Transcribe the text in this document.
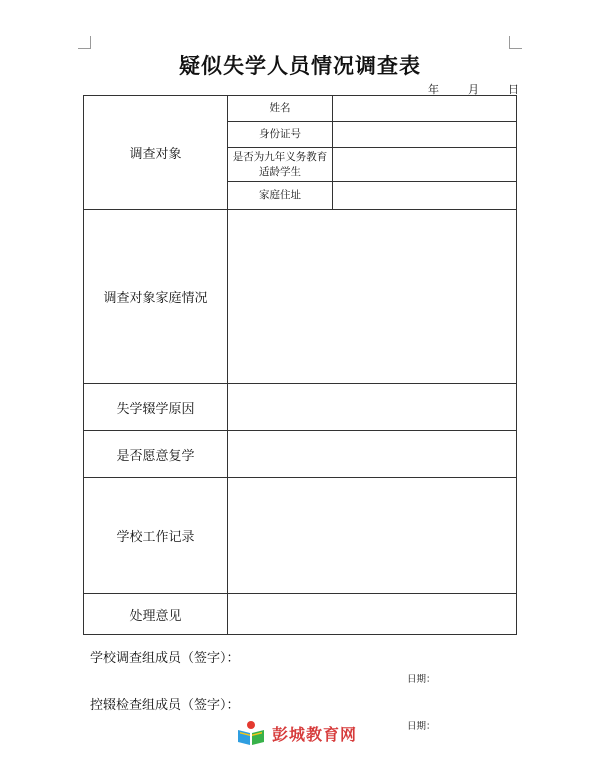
疑似失学人员情况调查表
年	月	日
调查对象
姓名
身份证号
是否为九年义务教育适龄学生
家庭住址
调查对象家庭情况
失学辍学原因
是否愿意复学
学校工作记录
处理意见
学校调查组成员（签字）：
日期：
控辍检查组成员（签字）：
日期：
彭城教育网
